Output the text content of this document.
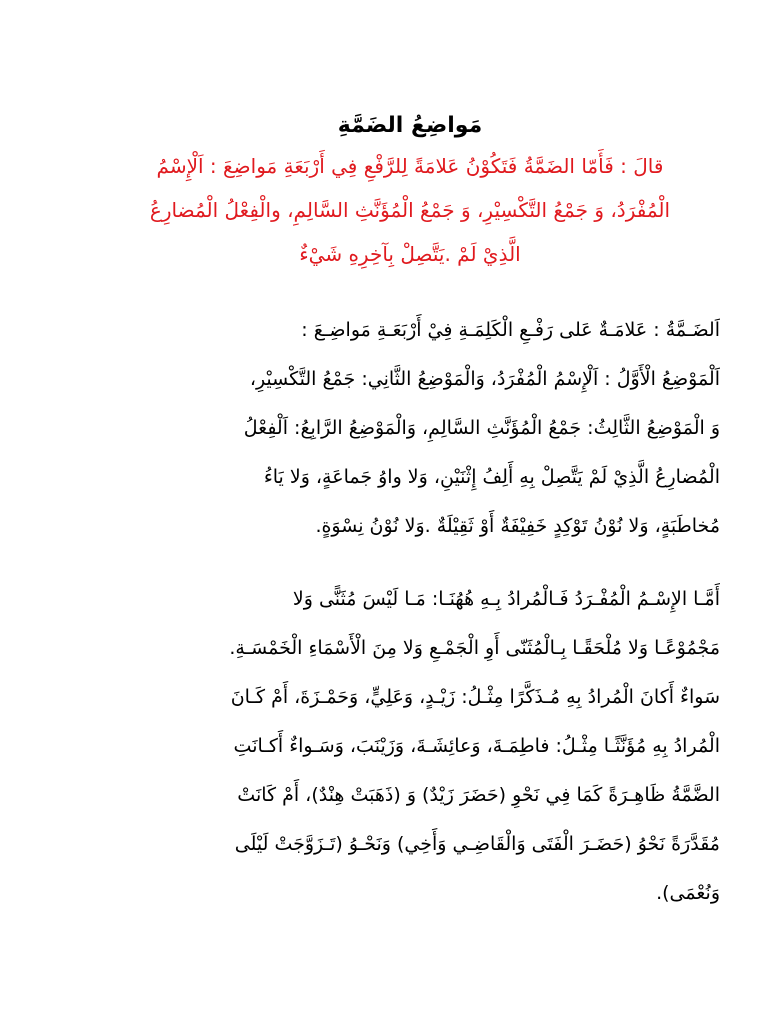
مَواضِعُ الضَمَّةِ
قالَ : فَأَمّا الضَمَّةُ فَتَكُوْنُ عَلامَةً لِلرَّفْعِ فِي أَرْبَعَةِ مَواضِعَ : اَلْإِسْمُ
الْمُفْرَدُ، وَ جَمْعُ التَّكْسِيْرِ، وَ جَمْعُ الْمُؤَنَّثِ السَّالِمِ، والْفِعْلُ الْمُضارِعُ
الَّذِيْ لَمْ .يَتَّصِلْ بِآخِرِهِ شَيْءٌ
اَلضَـمَّةُ : عَلامَـةٌ عَلى رَفْـعِ الْكَلِمَـةِ فِيْ أَرْبَعَـةِ مَواضِـعَ :
اَلْمَوْضِعُ الْأَوَّلُ : اَلْإِسْمُ الْمُفْرَدُ، وَالْمَوْضِعُ الثَّانِي: جَمْعُ التَّكْسِيْرِ،
وَ الْمَوْضِعُ الثَّالِثُ: جَمْعُ الْمُؤَنَّثِ السَّالِمِ، وَالْمَوْضِعُ الرَّابِعُ: اَلْفِعْلُ
الْمُضارِعُ الَّذِيْ لَمْ يَتَّصِلْ بِهِ أَلِفُ إِثْنَيْنِ، وَلا واوُ جَماعَةٍ، وَلا يَاءُ
مُخاطَبَةٍ، وَلا نُوْنُ تَوْكِدٍ خَفِيْفَةٌ أَوْ ثَقِيْلَةٌ .وَلا نُوْنُ نِسْوَةٍ.
أَمَّـا الإِسْـمُ الْمُفْـرَدُ فَـالْمُرادُ بِـهِ هُهُنَـا: مَـا لَيْسَ مُثَنًّى وَلا
مَجْمُوْعًـا وَلا مُلْحَقًـا بِـالْمُثَنّى أَوِ الْجَمْـعِ وَلا مِنَ الْأَسْمَاءِ الْخَمْسَـةِ.
سَواءٌ أَكانَ الْمُرادُ بِهِ مُـذَكَّرًا مِثْـلُ: زَيْـدٍ، وَعَلِيٍّ، وَحَمْـزَةَ، أَمْ كَـانَ
الْمُرادُ بِهِ مُؤَنَّثًـا مِثْـلُ: فاطِمَـةَ، وَعائِشَـةَ، وَزَيْنَبَ، وَسَـواءٌ أَكـانَتِ
الضَّمَّةُ ظَاهِـرَةً كَمَا فِي نَحْوِ (حَضَرَ زَيْدٌ) وَ (ذَهَبَتْ هِنْدٌ)، أَمْ كَانَتْ
مُقَدَّرَةً نَحْوُ (حَضَـرَ الْفَتَى وَالْقَاضِـي وَأَخِي) وَنَحْـوُ (تَـزَوَّجَتْ لَيْلَى
وَنُعْمَى).
